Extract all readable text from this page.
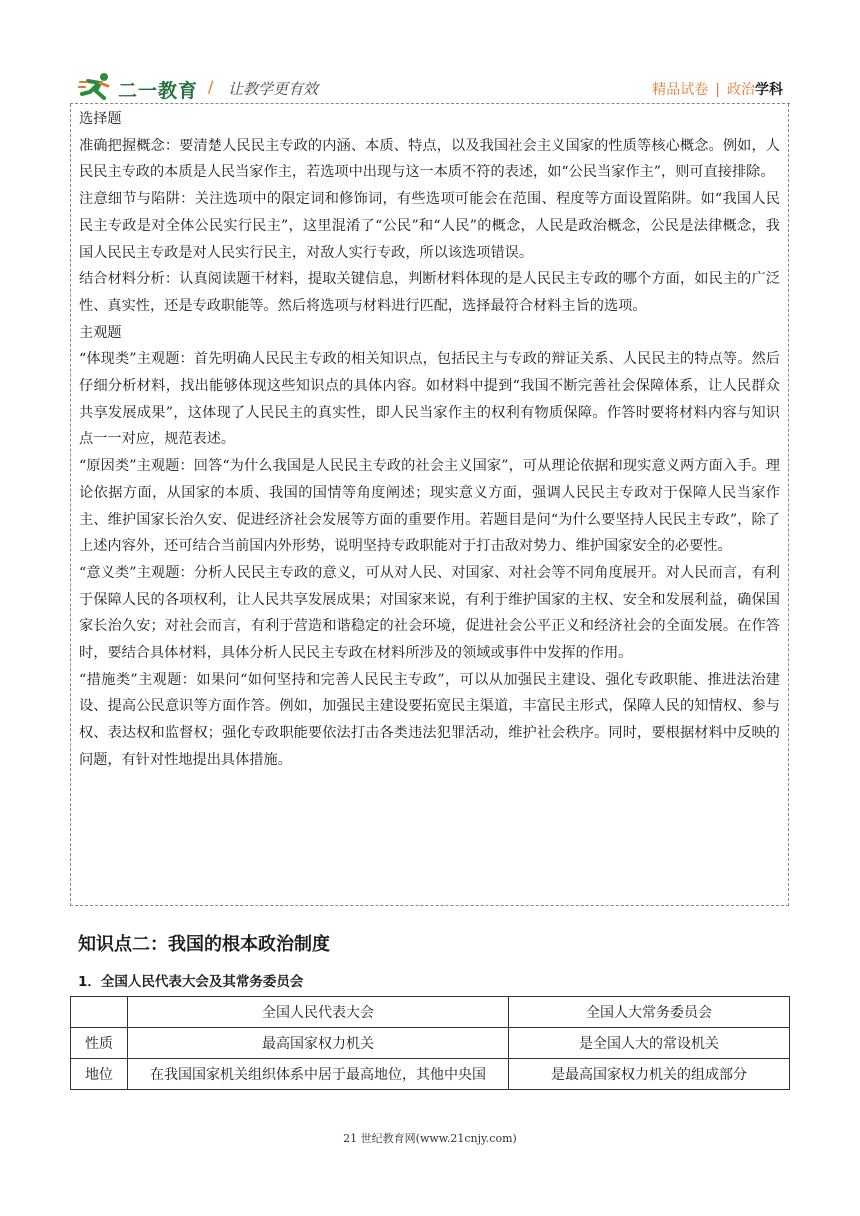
二一教育 / 让教学更有效	精品试卷 | 政治学科

选择题

准确把握概念：要清楚人民民主专政的内涵、本质、特点，以及我国社会主义国家的性质等核心概念。例如，人民民主专政的本质是人民当家作主，若选项中出现与这一本质不符的表述，如“公民当家作主”，则可直接排除。

注意细节与陷阱：关注选项中的限定词和修饰词，有些选项可能会在范围、程度等方面设置陷阱。如“我国人民民主专政是对全体公民实行民主”，这里混淆了“公民”和“人民”的概念，人民是政治概念，公民是法律概念，我国人民民主专政是对人民实行民主，对敌人实行专政，所以该选项错误。

结合材料分析：认真阅读题干材料，提取关键信息，判断材料体现的是人民民主专政的哪个方面，如民主的广泛性、真实性，还是专政职能等。然后将选项与材料进行匹配，选择最符合材料主旨的选项。

主观题

“体现类”主观题：首先明确人民民主专政的相关知识点，包括民主与专政的辩证关系、人民民主的特点等。然后仔细分析材料，找出能够体现这些知识点的具体内容。如材料中提到“我国不断完善社会保障体系，让人民群众共享发展成果”，这体现了人民民主的真实性，即人民当家作主的权利有物质保障。作答时要将材料内容与知识点一一对应，规范表述。

“原因类”主观题：回答“为什么我国是人民民主专政的社会主义国家”，可从理论依据和现实意义两方面入手。理论依据方面，从国家的本质、我国的国情等角度阐述；现实意义方面，强调人民民主专政对于保障人民当家作主、维护国家长治久安、促进经济社会发展等方面的重要作用。若题目是问“为什么要坚持人民民主专政”，除了上述内容外，还可结合当前国内外形势，说明坚持专政职能对于打击敌对势力、维护国家安全的必要性。

“意义类”主观题：分析人民民主专政的意义，可从对人民、对国家、对社会等不同角度展开。对人民而言，有利于保障人民的各项权利，让人民共享发展成果；对国家来说，有利于维护国家的主权、安全和发展利益，确保国家长治久安；对社会而言，有利于营造和谐稳定的社会环境，促进社会公平正义和经济社会的全面发展。在作答时，要结合具体材料，具体分析人民民主专政在材料所涉及的领域或事件中发挥的作用。

“措施类”主观题：如果问“如何坚持和完善人民民主专政”，可以从加强民主建设、强化专政职能、推进法治建设、提高公民意识等方面作答。例如，加强民主建设要拓宽民主渠道，丰富民主形式，保障人民的知情权、参与权、表达权和监督权；强化专政职能要依法打击各类违法犯罪活动，维护社会秩序。同时，要根据材料中反映的问题，有针对性地提出具体措施。

知识点二：我国的根本政治制度
1．全国人民代表大会及其常务委员会
	全国人民代表大会	全国人大常务委员会
性质	最高国家权力机关	是全国人大的常设机关
地位	在我国国家机关组织体系中居于最高地位，其他中央国	是最高国家权力机关的组成部分
21 世纪教育网(www.21cnjy.com)
